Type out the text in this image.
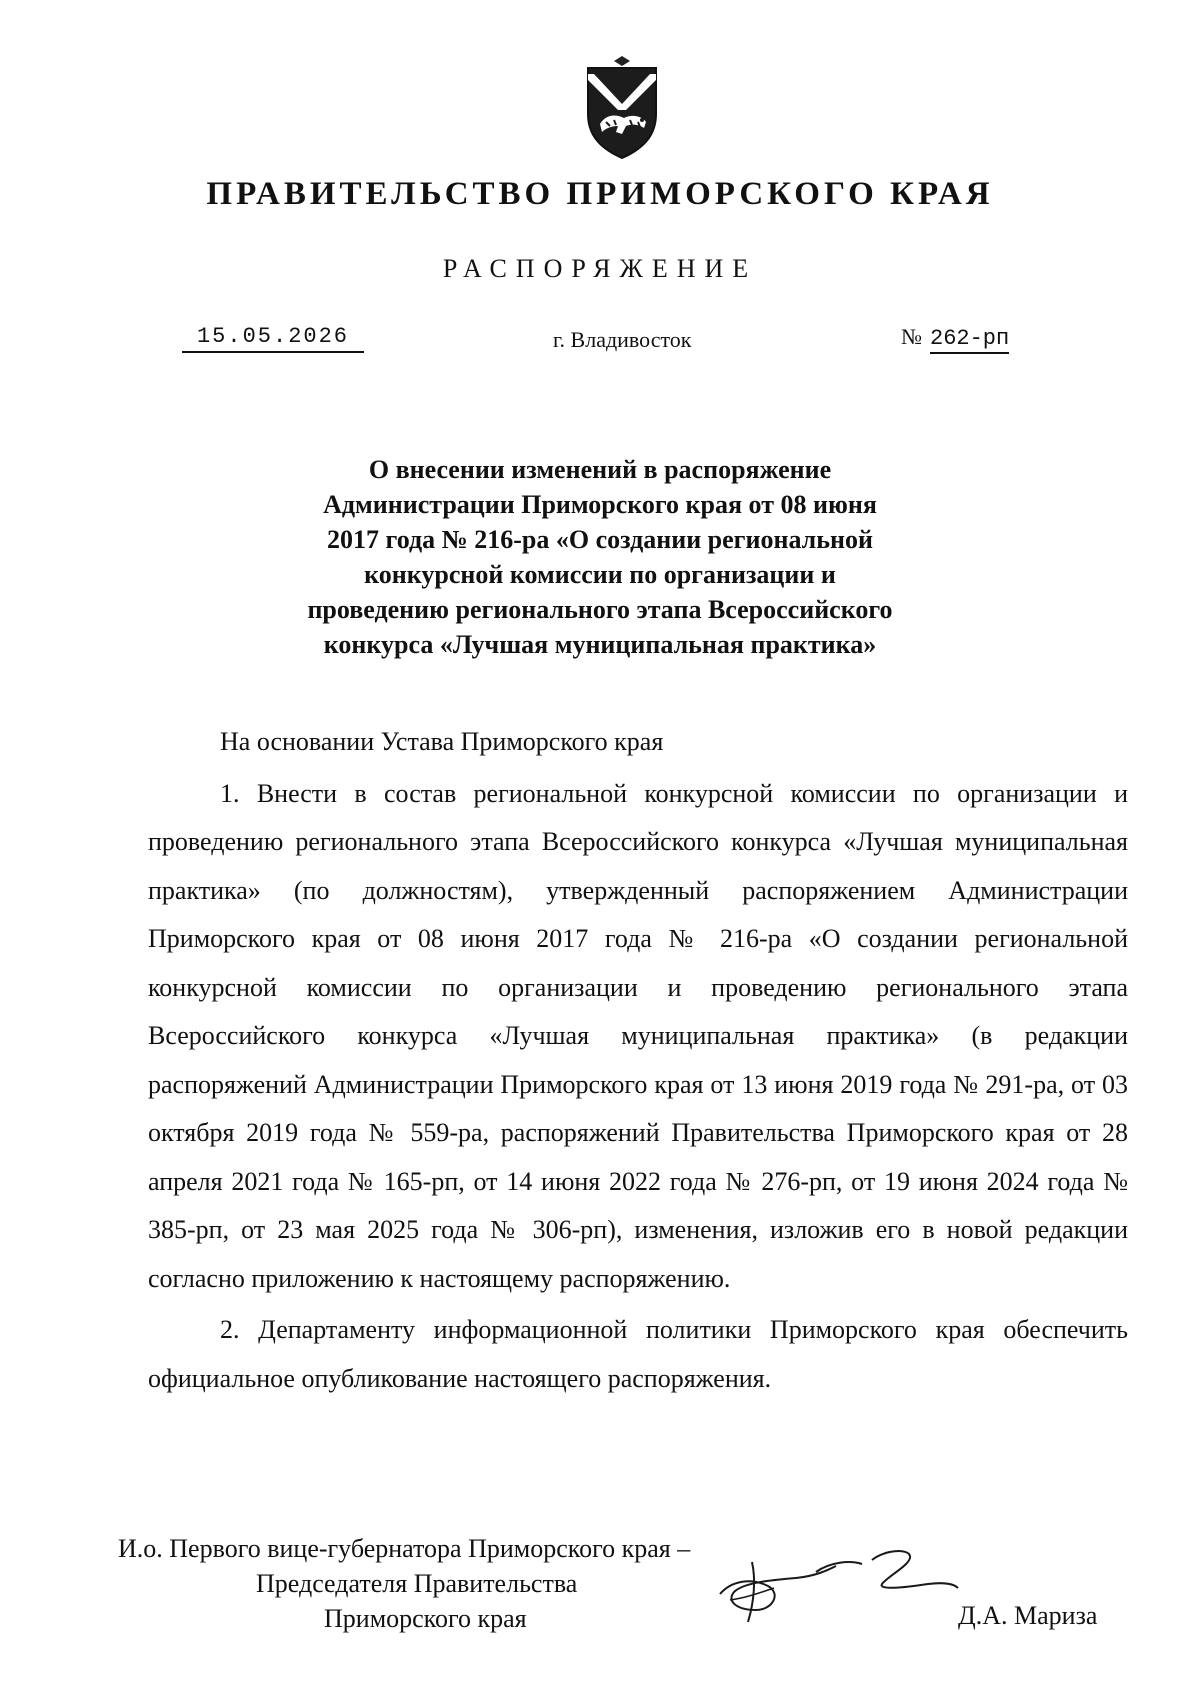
ПРАВИТЕЛЬСТВО ПРИМОРСКОГО КРАЯ
РАСПОРЯЖЕНИЕ
15.05.2026	г. Владивосток	№ 262-рп
О внесении изменений в распоряжение
Администрации Приморского края от 08 июня
2017 года № 216-ра «О создании региональной
конкурсной комиссии по организации и
проведению регионального этапа Всероссийского
конкурса «Лучшая муниципальная практика»

На основании Устава Приморского края

1. Внести в состав региональной конкурсной комиссии по организации и проведению регионального этапа Всероссийского конкурса «Лучшая муниципальная практика» (по должностям), утвержденный распоряжением Администрации Приморского края от 08 июня 2017 года № 216-ра «О создании региональной конкурсной комиссии по организации и проведению регионального этапа Всероссийского конкурса «Лучшая муниципальная практика» (в редакции распоряжений Администрации Приморского края от 13 июня 2019 года № 291-ра, от 03 октября 2019 года № 559-ра, распоряжений Правительства Приморского края от 28 апреля 2021 года № 165-рп, от 14 июня 2022 года № 276-рп, от 19 июня 2024 года № 385-рп, от 23 мая 2025 года № 306-рп), изменения, изложив его в новой редакции согласно приложению к настоящему распоряжению.

2. Департаменту информационной политики Приморского края обеспечить официальное опубликование настоящего распоряжения.

И.о. Первого вице-губернатора Приморского края –
Председателя Правительства
Приморского края	Д.А. Мариза
